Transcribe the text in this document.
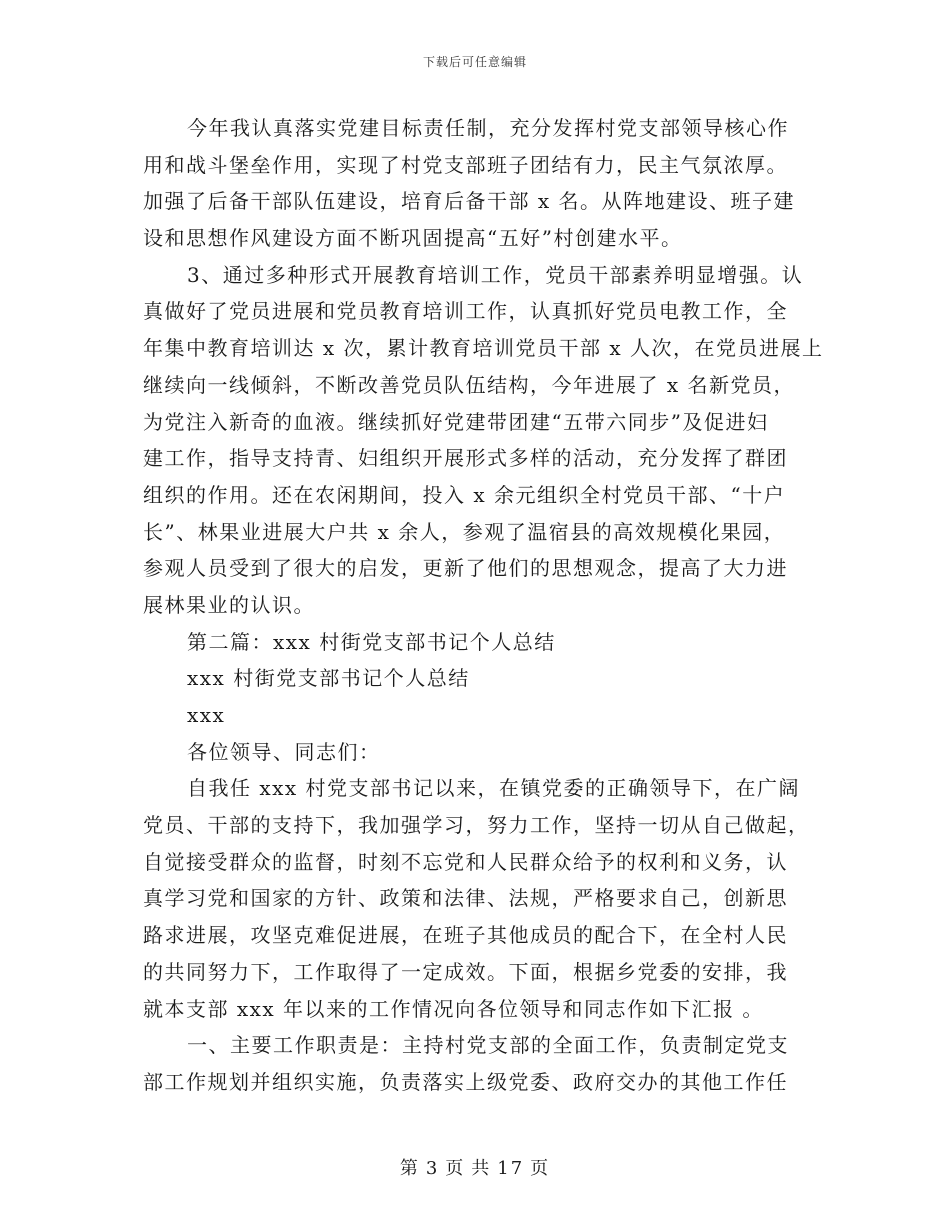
下载后可任意编辑
今年我认真落实党建目标责任制，充分发挥村党支部领导核心作
用和战斗堡垒作用，实现了村党支部班子团结有力，民主气氛浓厚。
加强了后备干部队伍建设，培育后备干部 x 名。从阵地建设、班子建
设和思想作风建设方面不断巩固提高“五好”村创建水平。
3、通过多种形式开展教育培训工作，党员干部素养明显增强。认
真做好了党员进展和党员教育培训工作，认真抓好党员电教工作，全
年集中教育培训达 x 次，累计教育培训党员干部 x 人次，在党员进展上
继续向一线倾斜，不断改善党员队伍结构，今年进展了 x 名新党员，
为党注入新奇的血液。继续抓好党建带团建“五带六同步”及促进妇
建工作，指导支持青、妇组织开展形式多样的活动，充分发挥了群团
组织的作用。还在农闲期间，投入 x 余元组织全村党员干部、“十户
长”、林果业进展大户共 x 余人，参观了温宿县的高效规模化果园，
参观人员受到了很大的启发，更新了他们的思想观念，提高了大力进
展林果业的认识。
第二篇：xxx 村街党支部书记个人总结
xxx 村街党支部书记个人总结
xxx
各位领导、同志们：
自我任 xxx 村党支部书记以来，在镇党委的正确领导下，在广阔
党员、干部的支持下，我加强学习，努力工作，坚持一切从自己做起，
自觉接受群众的监督，时刻不忘党和人民群众给予的权利和义务，认
真学习党和国家的方针、政策和法律、法规，严格要求自己，创新思
路求进展，攻坚克难促进展，在班子其他成员的配合下，在全村人民
的共同努力下，工作取得了一定成效。下面，根据乡党委的安排，我
就本支部 xxx 年以来的工作情况向各位领导和同志作如下汇报 。
一、主要工作职责是：主持村党支部的全面工作，负责制定党支
部工作规划并组织实施，负责落实上级党委、政府交办的其他工作任
第 3 页 共 17 页
